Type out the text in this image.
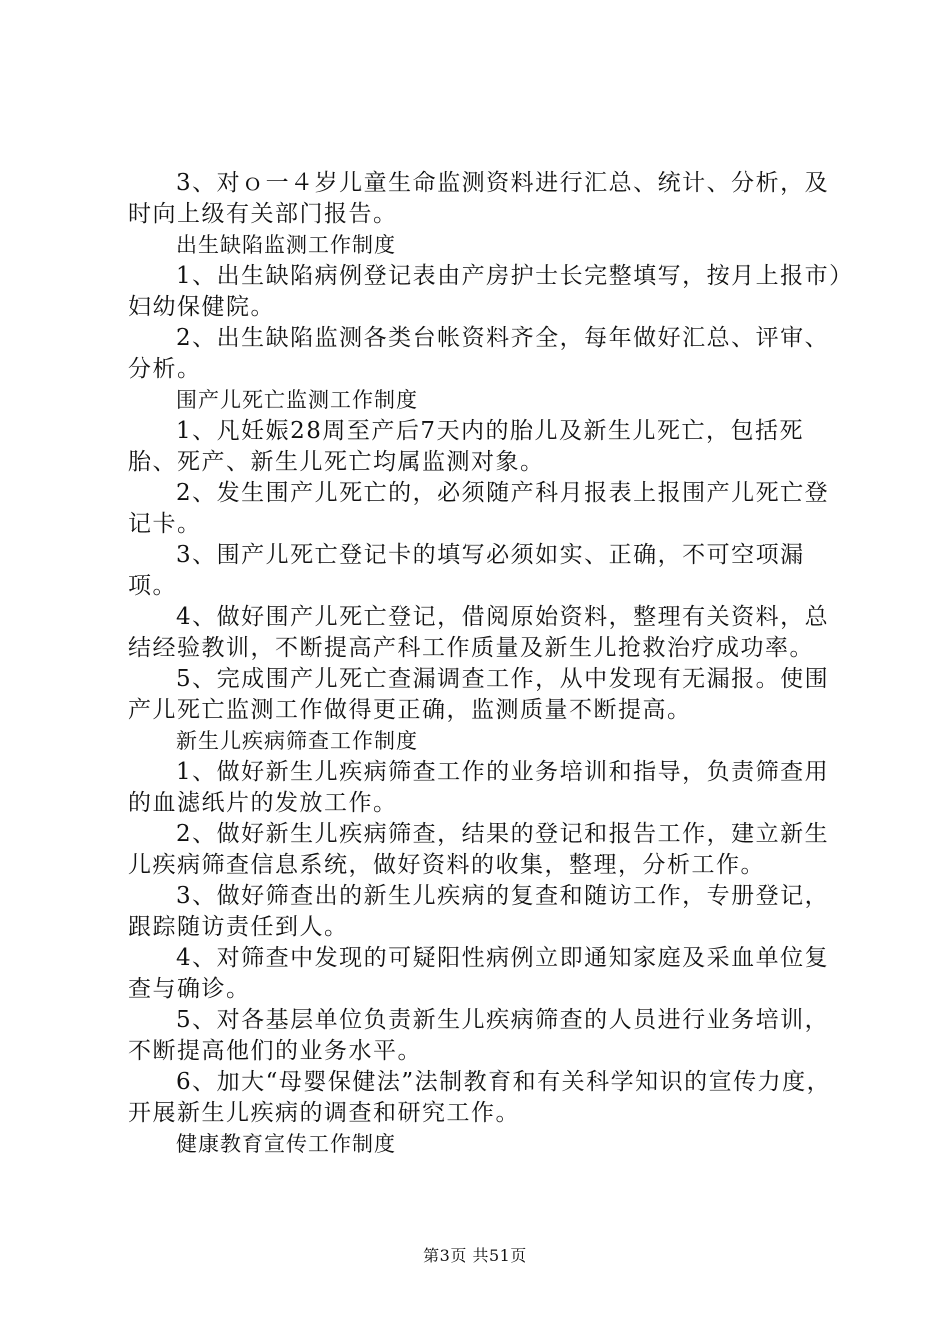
3、对ｏ一４岁儿童生命监测资料进行汇总、统计、分析，及时向上级有关部门报告。

出生缺陷监测工作制度

1、出生缺陷病例登记表由产房护士长完整填写，按月上报市）妇幼保健院。

2、出生缺陷监测各类台帐资料齐全，每年做好汇总、评审、分析。

围产儿死亡监测工作制度

1、凡妊娠28周至产后7天内的胎儿及新生儿死亡，包括死胎、死产、新生儿死亡均属监测对象。

2、发生围产儿死亡的，必须随产科月报表上报围产儿死亡登记卡。

3、围产儿死亡登记卡的填写必须如实、正确，不可空项漏项。

4、做好围产儿死亡登记，借阅原始资料，整理有关资料，总结经验教训，不断提高产科工作质量及新生儿抢救治疗成功率。

5、完成围产儿死亡查漏调查工作，从中发现有无漏报。使围产儿死亡监测工作做得更正确，监测质量不断提高。

新生儿疾病筛查工作制度

1、做好新生儿疾病筛查工作的业务培训和指导，负责筛查用的血滤纸片的发放工作。

2、做好新生儿疾病筛查，结果的登记和报告工作，建立新生儿疾病筛查信息系统，做好资料的收集，整理，分析工作。

3、做好筛查出的新生儿疾病的复查和随访工作，专册登记，跟踪随访责任到人。

4、对筛查中发现的可疑阳性病例立即通知家庭及采血单位复查与确诊。

5、对各基层单位负责新生儿疾病筛查的人员进行业务培训，不断提高他们的业务水平。

6、加大“母婴保健法”法制教育和有关科学知识的宣传力度，开展新生儿疾病的调查和研究工作。

健康教育宣传工作制度

第3页 共51页
